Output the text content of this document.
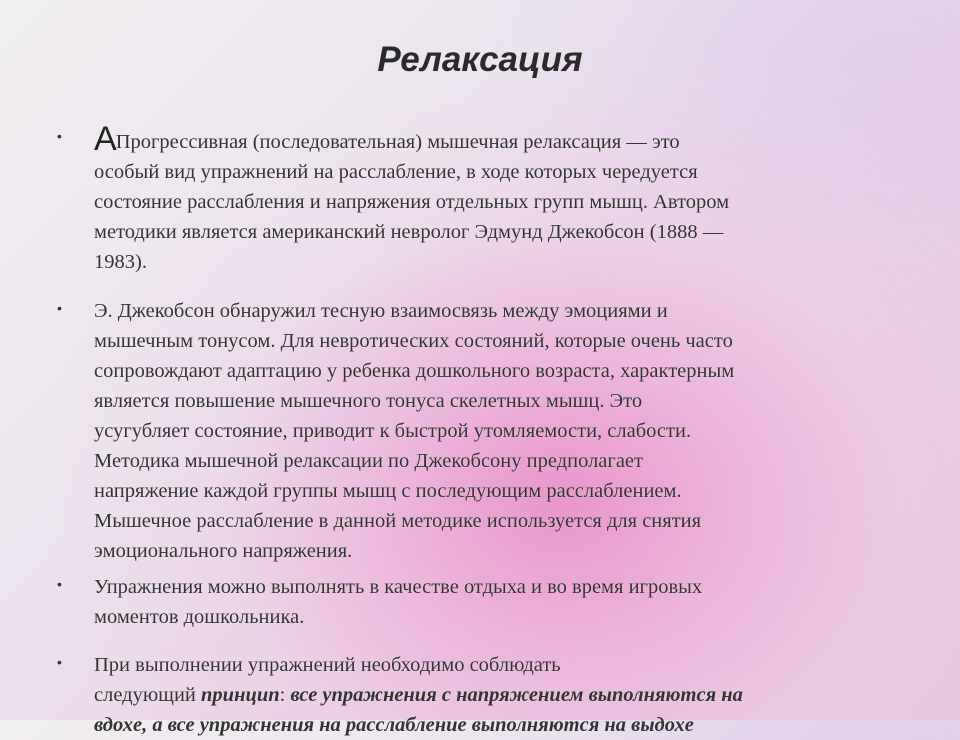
Релаксация
• АПрогрессивная (последовательная) мышечная релаксация — это
особый вид упражнений на расслабление, в ходе которых чередуется
состояние расслабления и напряжения отдельных групп мышц. Автором
методики является американский невролог Эдмунд Джекобсон (1888 —
1983).
• Э. Джекобсон обнаружил тесную взаимосвязь между эмоциями и
мышечным тонусом. Для невротических состояний, которые очень часто
сопровождают адаптацию у ребенка дошкольного возраста, характерным
является повышение мышечного тонуса скелетных мышц. Это
усугубляет состояние, приводит к быстрой утомляемости, слабости.
Методика мышечной релаксации по Джекобсону предполагает
напряжение каждой группы мышц с последующим расслаблением.
Мышечное расслабление в данной методике используется для снятия
эмоционального напряжения.
• Упражнения можно выполнять в качестве отдыха и во время игровых
моментов дошкольника.
• При выполнении упражнений необходимо соблюдать
следующий принцип: все упражнения с напряжением выполняются на
вдохе, а все упражнения на расслабление выполняются на выдохе
